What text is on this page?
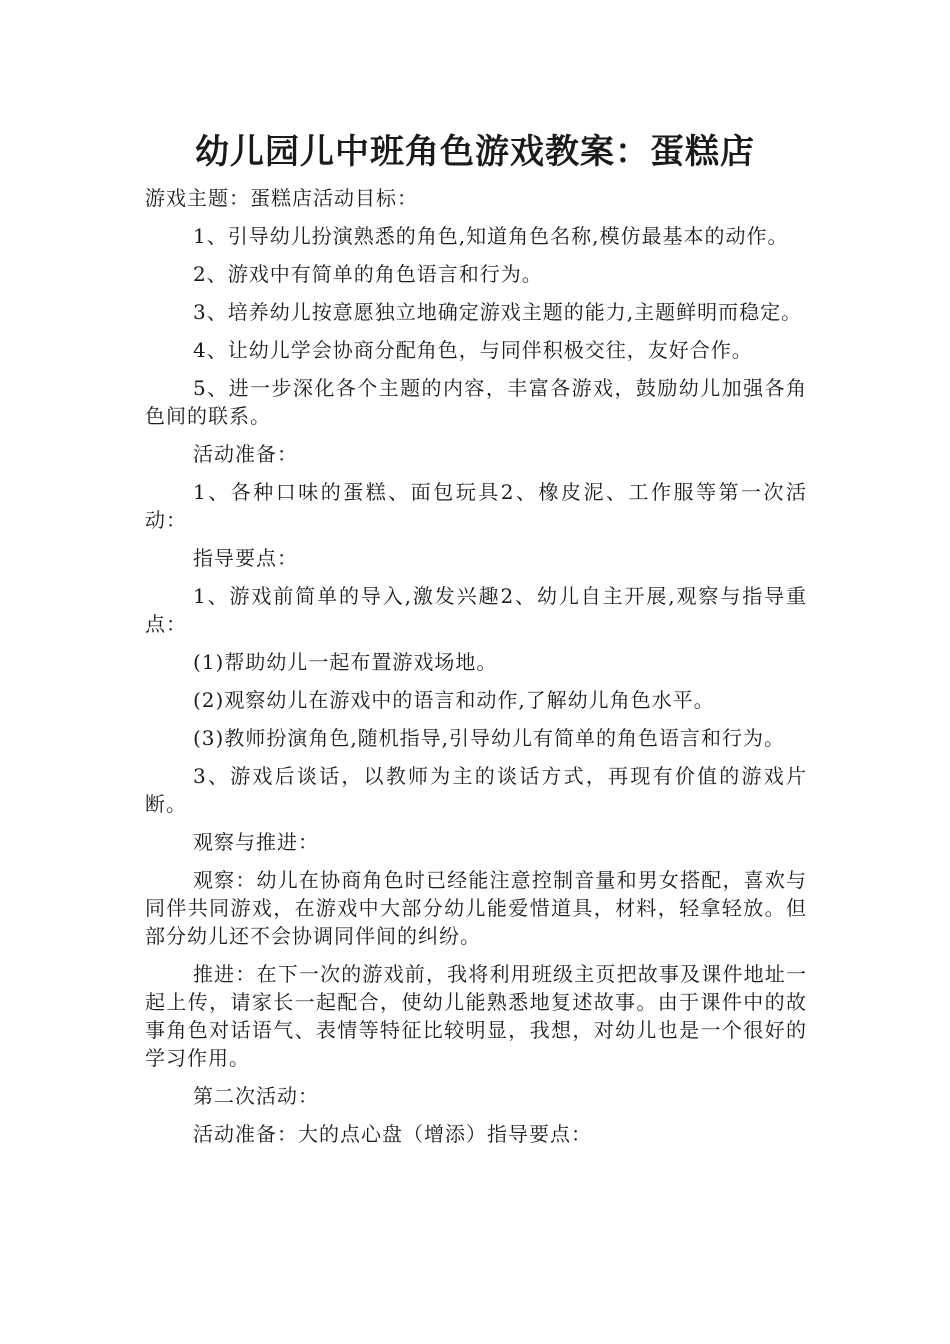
幼儿园儿中班角色游戏教案：蛋糕店

游戏主题：蛋糕店活动目标：

1、引导幼儿扮演熟悉的角色,知道角色名称,模仿最基本的动作。

2、游戏中有简单的角色语言和行为。

3、培养幼儿按意愿独立地确定游戏主题的能力,主题鲜明而稳定。

4、让幼儿学会协商分配角色，与同伴积极交往，友好合作。

5、进一步深化各个主题的内容，丰富各游戏，鼓励幼儿加强各角色间的联系。

活动准备：

1、各种口味的蛋糕、面包玩具2、橡皮泥、工作服等第一次活动：

指导要点：

1、游戏前简单的导入,激发兴趣2、幼儿自主开展,观察与指导重点：

(1)帮助幼儿一起布置游戏场地。

(2)观察幼儿在游戏中的语言和动作,了解幼儿角色水平。

(3)教师扮演角色,随机指导,引导幼儿有简单的角色语言和行为。

3、游戏后谈话，以教师为主的谈话方式，再现有价值的游戏片断。

观察与推进：

观察：幼儿在协商角色时已经能注意控制音量和男女搭配，喜欢与同伴共同游戏，在游戏中大部分幼儿能爱惜道具，材料，轻拿轻放。但部分幼儿还不会协调同伴间的纠纷。

推进：在下一次的游戏前，我将利用班级主页把故事及课件地址一起上传，请家长一起配合，使幼儿能熟悉地复述故事。由于课件中的故事角色对话语气、表情等特征比较明显，我想，对幼儿也是一个很好的学习作用。

第二次活动：

活动准备：大的点心盘（增添）指导要点：
